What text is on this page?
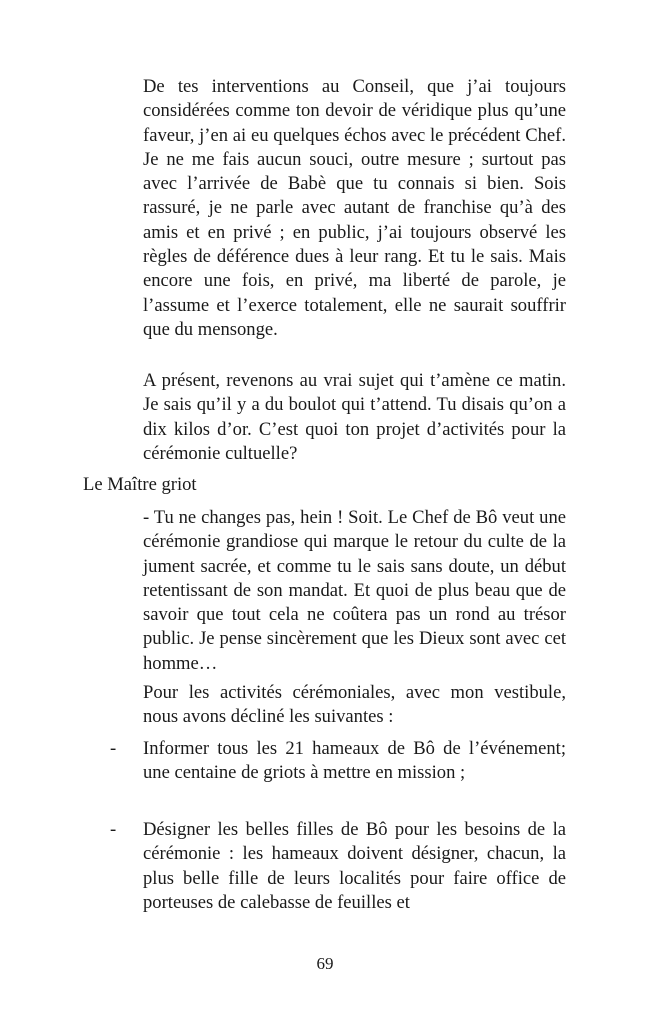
De tes interventions au Conseil, que j’ai toujours considérées comme ton devoir de véridique plus qu’une faveur, j’en ai eu quelques échos avec le précédent Chef. Je ne me fais aucun souci, outre mesure ; surtout pas avec l’arrivée de Babè que tu connais si bien. Sois rassuré, je ne parle avec autant de franchise qu’à des amis et en privé ; en public, j’ai toujours observé les règles de déférence dues à leur rang. Et tu le sais. Mais encore une fois, en privé, ma liberté de parole, je l’assume et l’exerce totalement, elle ne saurait souffrir que du mensonge.

A présent, revenons au vrai sujet qui t’amène ce matin. Je sais qu’il y a du boulot qui t’attend. Tu disais qu’on a dix kilos d’or. C’est quoi ton projet d’activités pour la cérémonie cultuelle?

Le Maître griot

- Tu ne changes pas, hein ! Soit. Le Chef de Bô veut une cérémonie grandiose qui marque le retour du culte de la jument sacrée, et comme tu le sais sans doute, un début retentissant de son mandat. Et quoi de plus beau que de savoir que tout cela ne coûtera pas un rond au trésor public. Je pense sincèrement que les Dieux sont avec cet homme…

Pour les activités cérémoniales, avec mon vestibule, nous avons décliné les suivantes :

- Informer tous les 21 hameaux de Bô de l’événement; une centaine de griots à mettre en mission ;

- Désigner les belles filles de Bô pour les besoins de la cérémonie : les hameaux doivent désigner, chacun, la plus belle fille de leurs localités pour faire office de porteuses de calebasse de feuilles et

69
